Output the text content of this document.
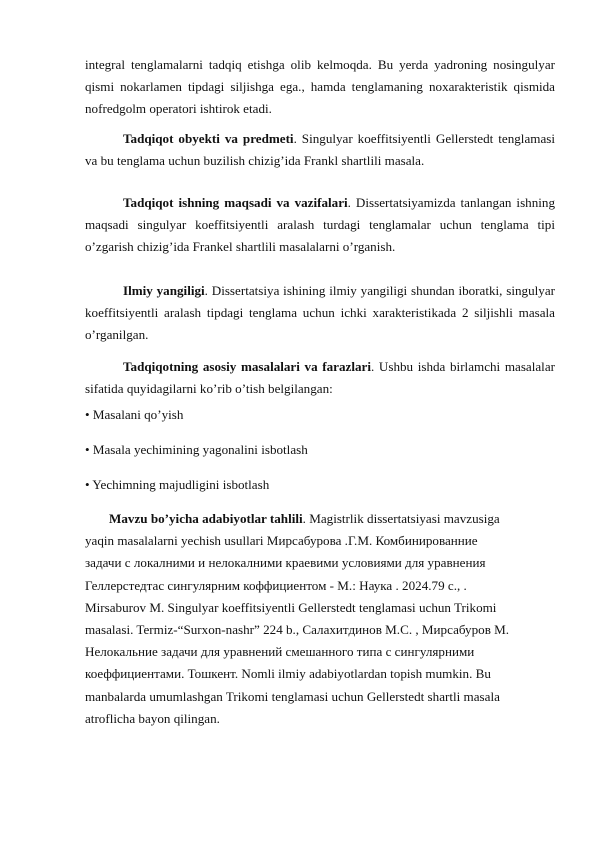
integral tenglamalarni tadqiq etishga olib kelmoqda. Bu yerda yadroning nosingulyar qismi nokarlamen tipdagi siljishga ega., hamda tenglamaning noxarakteristik qismida nofredgolm operatori ishtirok etadi.

Tadqiqot obyekti va predmeti. Singulyar koeffitsiyentli Gellerstedt tenglamasi va bu tenglama uchun buzilish chizig’ida Frankl shartlili masala.

Tadqiqot ishning maqsadi va vazifalari. Dissertatsiyamizda tanlangan ishning maqsadi singulyar koeffitsiyentli aralash turdagi tenglamalar uchun tenglama tipi o’zgarish chizig’ida Frankel shartlili masalalarni o’rganish.

Ilmiy yangiligi. Dissertatsiya ishining ilmiy yangiligi shundan iboratki, singulyar koeffitsiyentli aralash tipdagi tenglama uchun ichki xarakteristikada 2 siljishli masala o’rganilgan.

Tadqiqotning asosiy masalalari va farazlari. Ushbu ishda birlamchi masalalar sifatida quyidagilarni ko’rib o’tish belgilangan:

• Masalani qo’yish

• Masala yechimining yagonalini isbotlash

• Yechimning majudligini isbotlash

Mavzu bo’yicha adabiyotlar tahlili. Magistrlik dissertatsiyasi mavzusiga
yaqin masalalarni yechish usullari Мирсабурова .Г.М. Комбинированние
задачи с локалними и нелокалними краевими условиями для уравнения
Геллерстедтас сингулярним коффициентом - М.: Наука . 2024.79 с., .
Mirsaburov M. Singulyar koeffitsiyentli Gellerstedt tenglamasi uchun Trikomi
masalasi. Termiz-“Surxon-nashr” 224 b., Салахитдинов М.С. , Мирсабуров М.
Нелокальние задачи для уравнений смешанного типа с сингулярними
коеффициентами. Тошкент. Nomli ilmiy adabiyotlardan topish mumkin. Bu
manbalarda umumlashgan Trikomi tenglamasi uchun Gellerstedt shartli masala
atroflicha bayon qilingan.
